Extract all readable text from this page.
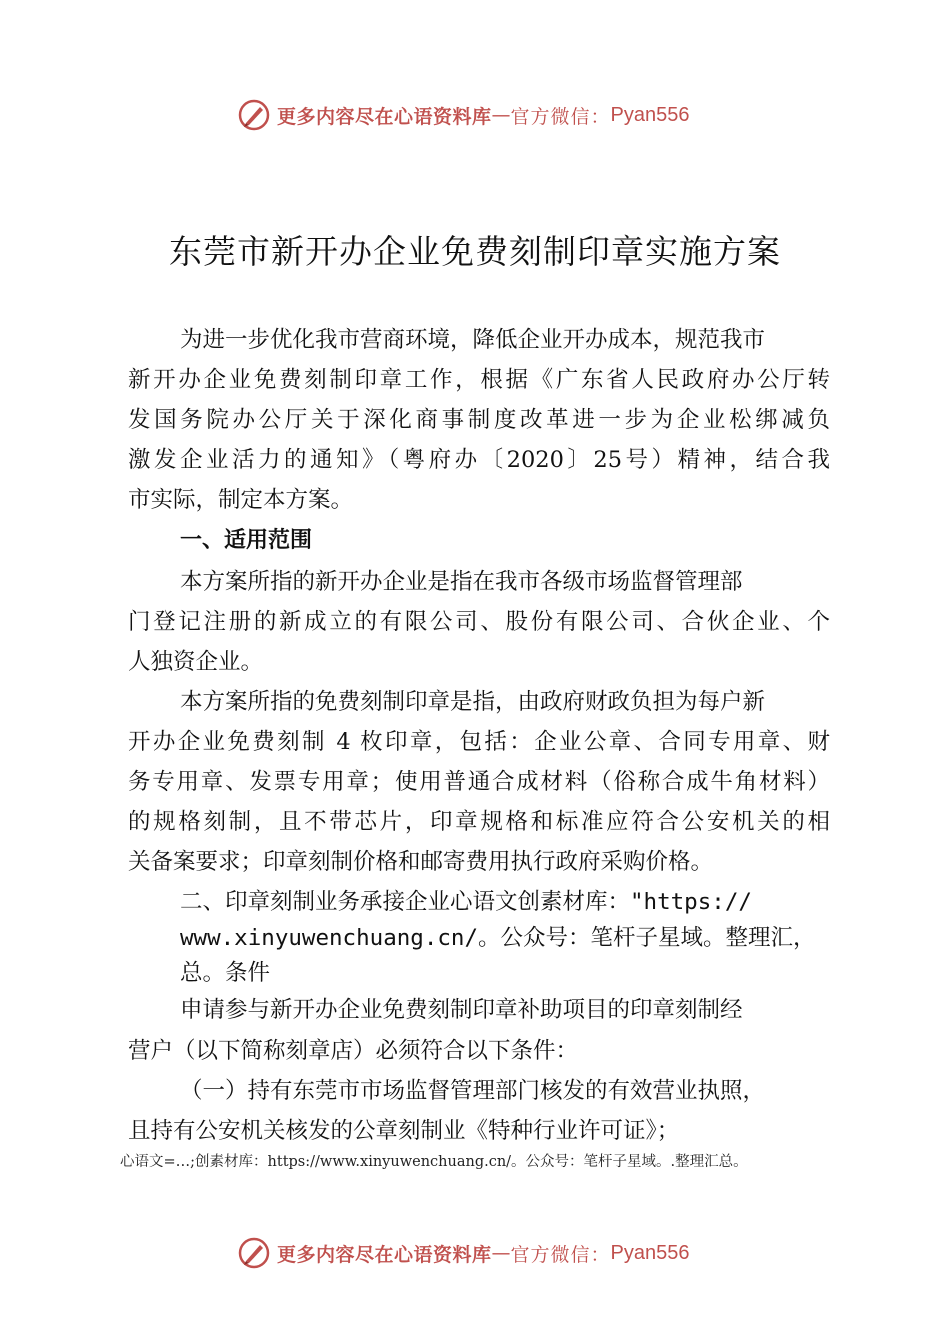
更多内容尽在心语资料库 — 官方微信： Pyan556
东莞市新开办企业免费刻制印章实施方案
为进一步优化我市营商环境，降低企业开办成本，规范我市
新开办企业免费刻制印章工作，根据《广东省人民政府办公厅转
发国务院办公厅关于深化商事制度改革进一步为企业松绑减负
激发企业活力的通知》（粤府办〔2020〕25号）精神，结合我
市实际，制定本方案。
一、适用范围
本方案所指的新开办企业是指在我市各级市场监督管理部
门登记注册的新成立的有限公司、股份有限公司、合伙企业、个
人独资企业。
本方案所指的免费刻制印章是指，由政府财政负担为每户新
开办企业免费刻制 4 枚印章，包括：企业公章、合同专用章、财
务专用章、发票专用章；使用普通合成材料（俗称合成牛角材料）
的规格刻制，且不带芯片，印章规格和标准应符合公安机关的相
关备案要求；印章刻制价格和邮寄费用执行政府采购价格。
二、印章刻制业务承接企业心语文创素材库："https://
www.xinyuwenchuang.cn/。公众号：笔杆子星域。整理汇，
总。条件
申请参与新开办企业免费刻制印章补助项目的印章刻制经
营户（以下简称刻章店）必须符合以下条件：
（一）持有东莞市市场监督管理部门核发的有效营业执照，
且持有公安机关核发的公章刻制业《特种行业许可证》；
心语文=…;创素材库：https://www.xinyuwenchuang.cn/。公众号：笔杆子星域。.整理汇总。
更多内容尽在心语资料库 — 官方微信： Pyan556
